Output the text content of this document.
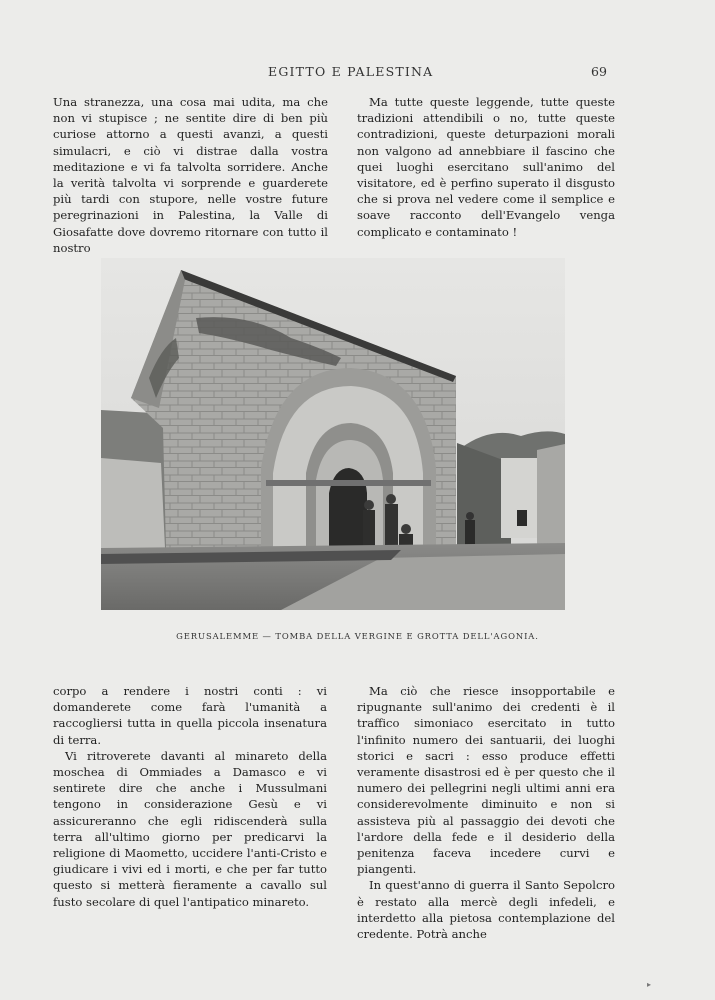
EGITTO E PALESTINA	69

Una stranezza, una cosa mai udita, ma che non vi stupisce ; ne sentite dire di ben più curiose attorno a questi avanzi, a questi simulacri, e ciò vi distrae dalla vostra meditazione e vi fa talvolta sorridere. Anche la verità talvolta vi sorprende e guarderete più tardi con stupore, nelle vostre future peregrinazioni in Palestina, la Valle di Giosafatte dove dovremo ritornare con tutto il nostro

Ma tutte queste leggende, tutte queste tradizioni attendibili o no, tutte queste contradizioni, queste deturpazioni morali non valgono ad annebbiare il fascino che quei luoghi esercitano sull'animo del visitatore, ed è perfino superato il disgusto che si prova nel vedere come il semplice e soave racconto dell'Evangelo venga complicato e contaminato !

GERUSALEMME — TOMBA DELLA VERGINE E GROTTA DELL'AGONIA.

corpo a rendere i nostri conti : vi domanderete come farà l'umanità a raccogliersi tutta in quella piccola insenatura di terra.

Vi ritroverete davanti al minareto della moschea di Ommiades a Damasco e vi sentirete dire che anche i Mussulmani tengono in considerazione Gesù e vi assicureranno che egli ridiscenderà sulla terra all'ultimo giorno per predicarvi la religione di Maometto, uccidere l'anti-Cristo e giudicare i vivi ed i morti, e che per far tutto questo si metterà fieramente a cavallo sul fusto secolare di quel l'antipatico minareto.

Ma ciò che riesce insopportabile e ripugnante sull'animo dei credenti è il traffico simoniaco esercitato in tutto l'infinito numero dei santuarii, dei luoghi storici e sacri : esso produce effetti veramente disastrosi ed è per questo che il numero dei pellegrini negli ultimi anni era considerevolmente diminuito e non si assisteva più al passaggio dei devoti che l'ardore della fede e il desiderio della penitenza faceva incedere curvi e piangenti.

In quest'anno di guerra il Santo Sepolcro è restato alla mercè degli infedeli, e interdetto alla pietosa contemplazione del credente. Potrà anche

▸
